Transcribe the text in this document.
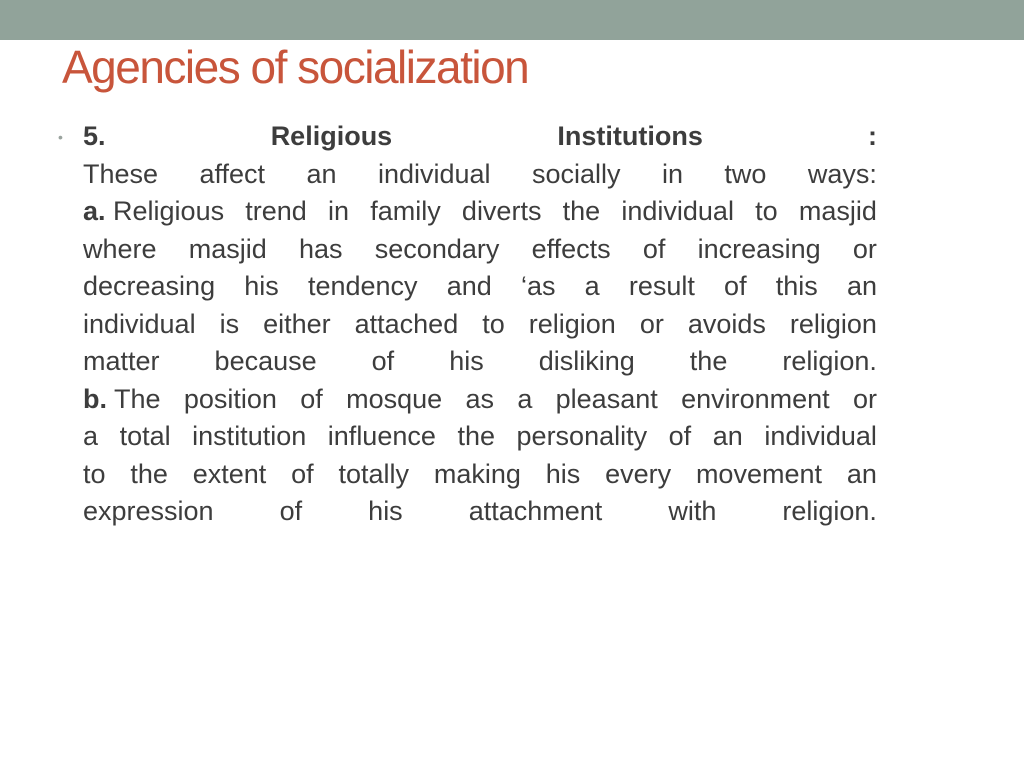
Agencies of socialization
• 5.	Religious	Institutions	:
These affect an individual socially in two ways:
a. Religious trend in family diverts the individual to masjid
where masjid has secondary effects of increasing or
decreasing his tendency and ‘as a result of this an
individual is either attached to religion or avoids religion
matter because of his disliking the religion.
b. The position of mosque as a pleasant environment or
a total institution influence the personality of an individual
to the extent of totally making his every movement an
expression of his attachment with religion.
